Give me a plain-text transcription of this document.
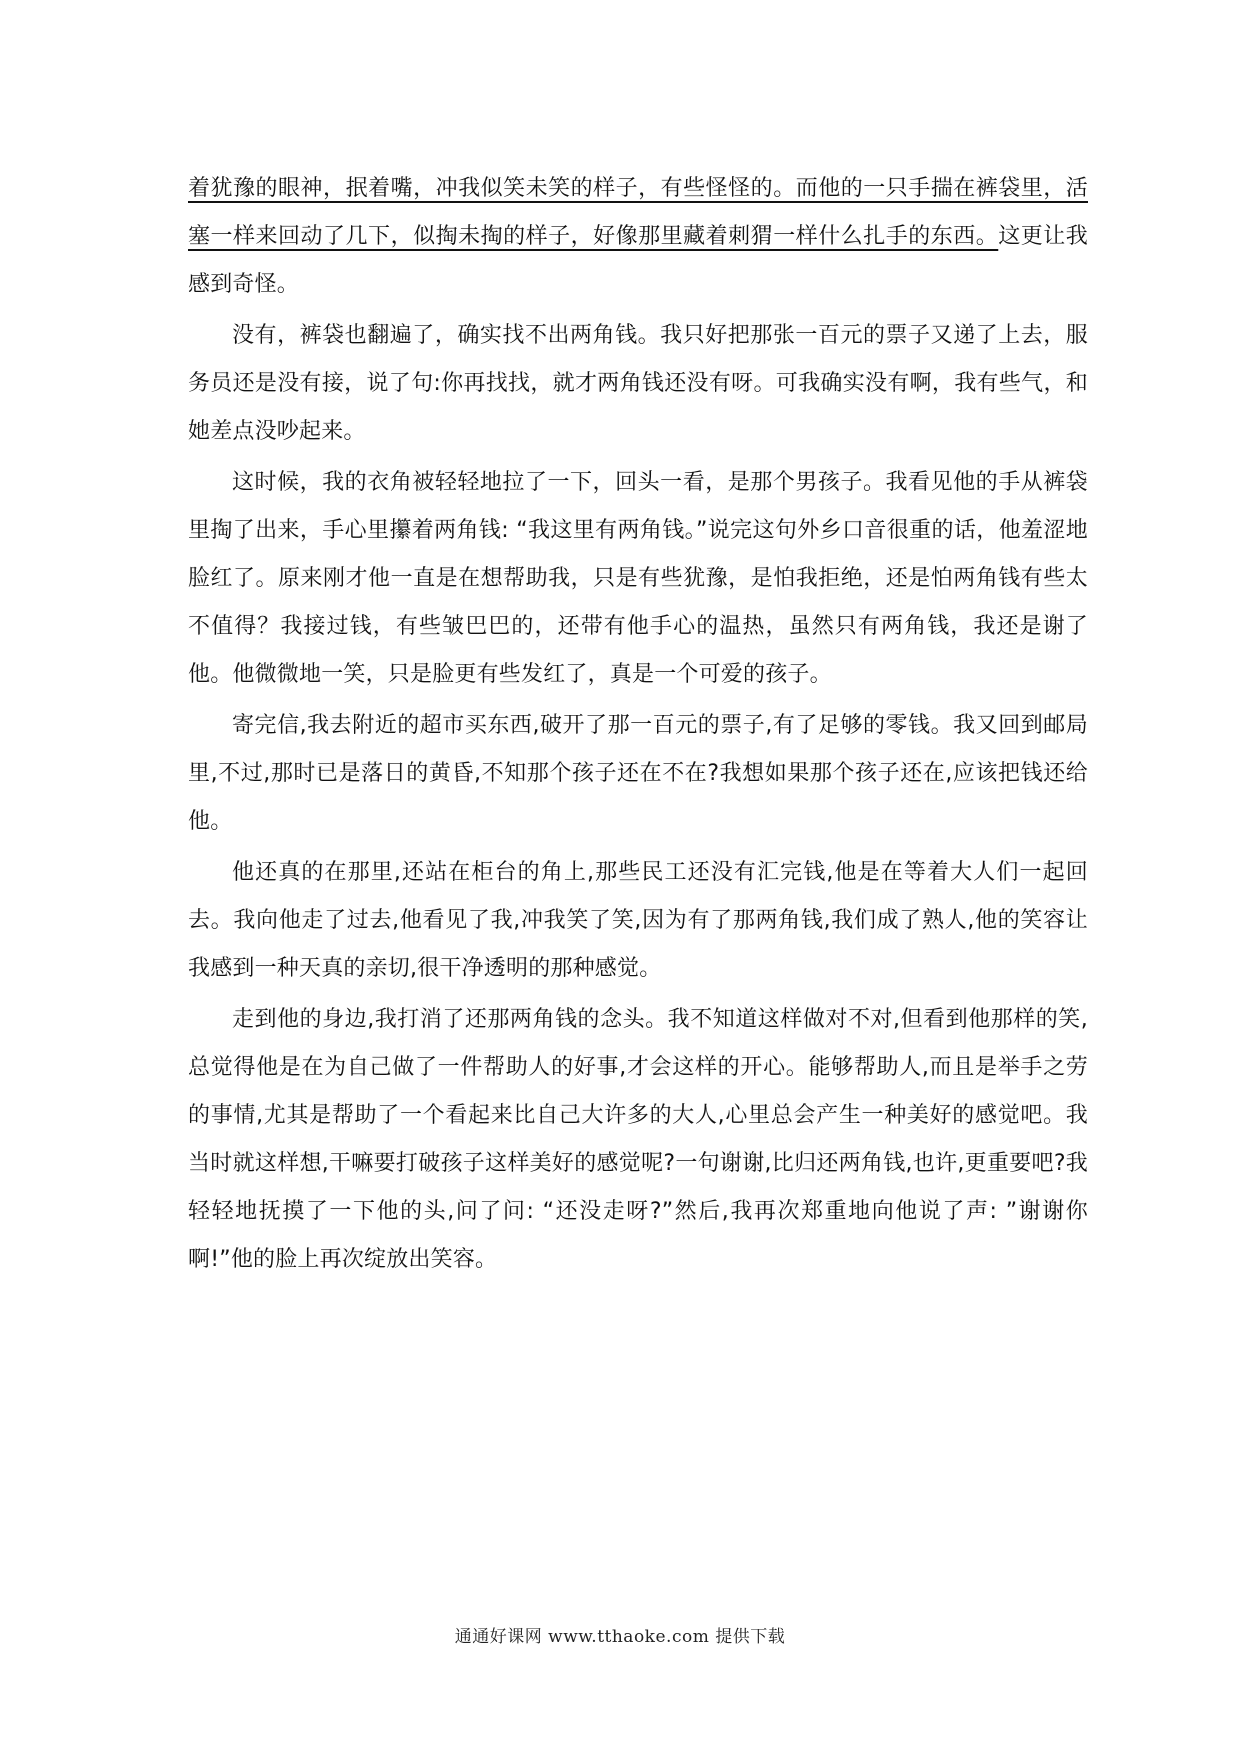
着犹豫的眼神，抿着嘴，冲我似笑未笑的样子，有些怪怪的。而他的一只手揣在裤袋里，活塞一样来回动了几下，似掏未掏的样子，好像那里藏着刺猬一样什么扎手的东西。这更让我感到奇怪。

没有，裤袋也翻遍了，确实找不出两角钱。我只好把那张一百元的票子又递了上去，服务员还是没有接，说了句:你再找找，就才两角钱还没有呀。可我确实没有啊，我有些气，和她差点没吵起来。

这时候，我的衣角被轻轻地拉了一下，回头一看，是那个男孩子。我看见他的手从裤袋里掏了出来，手心里攥着两角钱: “我这里有两角钱。”说完这句外乡口音很重的话，他羞涩地脸红了。原来刚才他一直是在想帮助我，只是有些犹豫，是怕我拒绝，还是怕两角钱有些太不值得？我接过钱，有些皱巴巴的，还带有他手心的温热，虽然只有两角钱，我还是谢了他。他微微地一笑，只是脸更有些发红了，真是一个可爱的孩子。

寄完信,我去附近的超市买东西,破开了那一百元的票子,有了足够的零钱。我又回到邮局里,不过,那时已是落日的黄昏,不知那个孩子还在不在?我想如果那个孩子还在,应该把钱还给他。

他还真的在那里,还站在柜台的角上,那些民工还没有汇完钱,他是在等着大人们一起回去。我向他走了过去,他看见了我,冲我笑了笑,因为有了那两角钱,我们成了熟人,他的笑容让我感到一种天真的亲切,很干净透明的那种感觉。

走到他的身边,我打消了还那两角钱的念头。我不知道这样做对不对,但看到他那样的笑,总觉得他是在为自己做了一件帮助人的好事,才会这样的开心。能够帮助人,而且是举手之劳的事情,尤其是帮助了一个看起来比自己大许多的大人,心里总会产生一种美好的感觉吧。我当时就这样想,干嘛要打破孩子这样美好的感觉呢?一句谢谢,比归还两角钱,也许,更重要吧?我轻轻地抚摸了一下他的头,问了问: “还没走呀?”然后,我再次郑重地向他说了声: ”谢谢你啊!”他的脸上再次绽放出笑容。

通通好课网 www.tthaoke.com 提供下载
